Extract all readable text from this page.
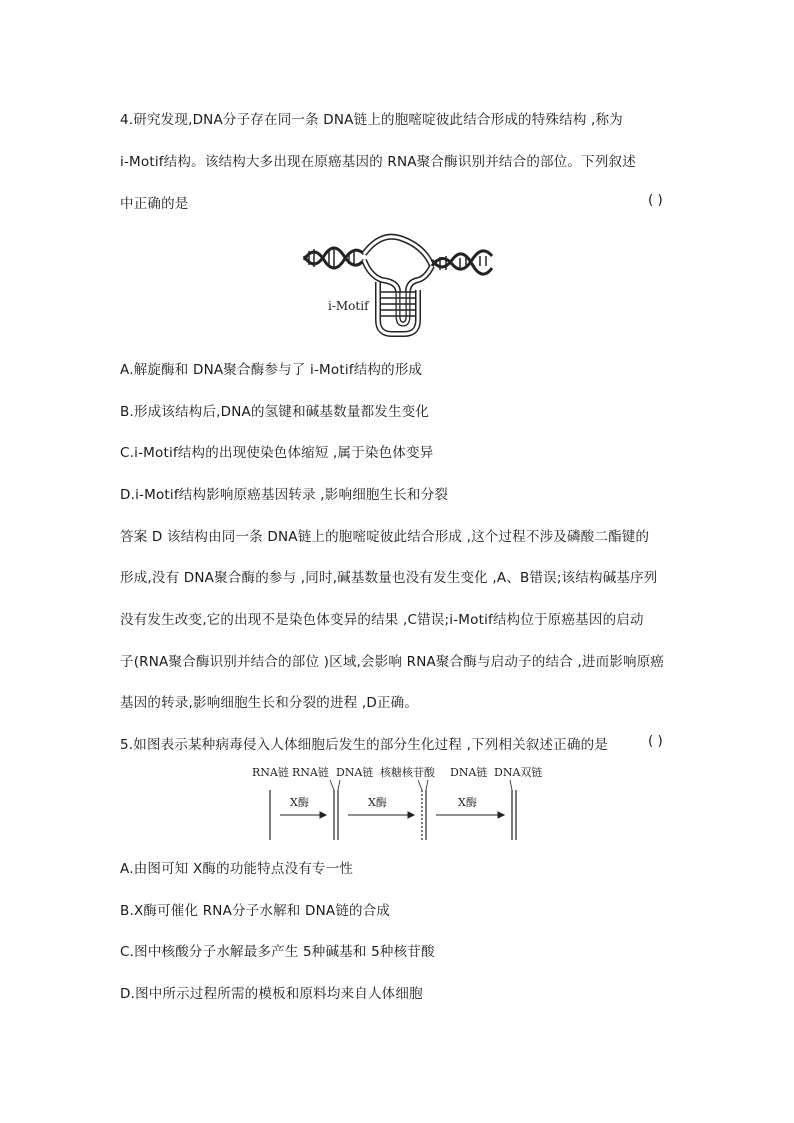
4.研究发现,DNA分子存在同一条 DNA链上的胞嘧啶彼此结合形成的特殊结构 ,称为
i-Motif结构。该结构大多出现在原癌基因的 RNA聚合酶识别并结合的部位。下列叙述
中正确的是	( )
i-Motif
A.解旋酶和 DNA聚合酶参与了 i-Motif结构的形成
B.形成该结构后,DNA的氢键和碱基数量都发生变化
C.i-Motif结构的出现使染色体缩短 ,属于染色体变异
D.i-Motif结构影响原癌基因转录 ,影响细胞生长和分裂
答案 D 该结构由同一条 DNA链上的胞嘧啶彼此结合形成 ,这个过程不涉及磷酸二酯键的
形成,没有 DNA聚合酶的参与 ,同时,碱基数量也没有发生变化 ,A、B错误;该结构碱基序列
没有发生改变,它的出现不是染色体变异的结果 ,C错误;i-Motif结构位于原癌基因的启动
子(RNA聚合酶识别并结合的部位 )区域,会影响 RNA聚合酶与启动子的结合 ,进而影响原癌
基因的转录,影响细胞生长和分裂的进程 ,D正确。
5.如图表示某种病毒侵入人体细胞后发生的部分生化过程 ,下列相关叙述正确的是	( )
RNA链 RNA链 DNA链 核糖核苷酸 DNA链 DNA双链
X酶	X酶	X酶
A.由图可知 X酶的功能特点没有专一性
B.X酶可催化 RNA分子水解和 DNA链的合成
C.图中核酸分子水解最多产生 5种碱基和 5种核苷酸
D.图中所示过程所需的模板和原料均来自人体细胞
